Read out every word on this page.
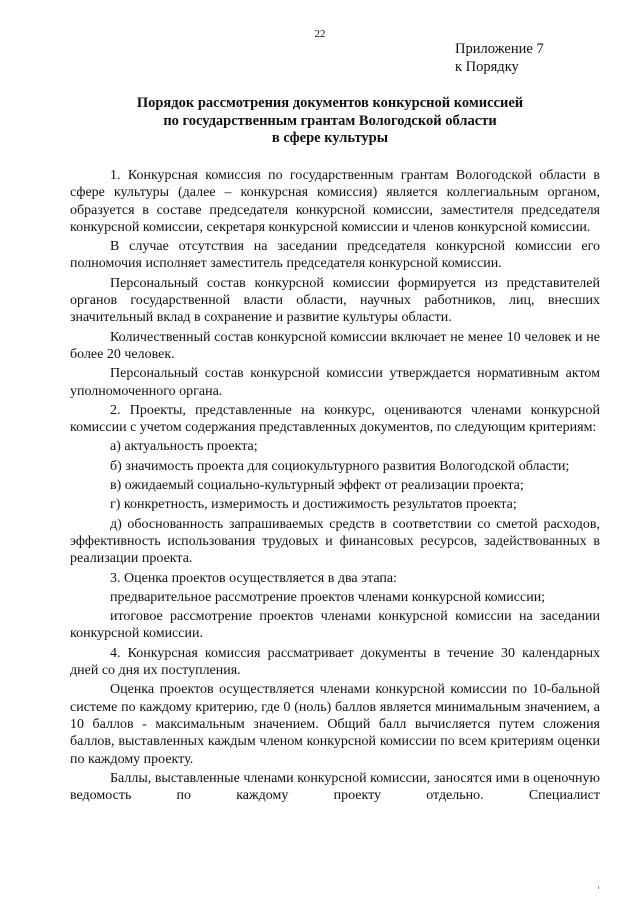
22
Приложение 7
к Порядку
Порядок рассмотрения документов конкурсной комиссией
по государственным грантам Вологодской области
в сфере культуры

1. Конкурсная комиссия по государственным грантам Вологодской области в сфере культуры (далее – конкурсная комиссия) является коллегиальным органом, образуется в составе председателя конкурсной комиссии, заместителя председателя конкурсной комиссии, секретаря конкурсной комиссии и членов конкурсной комиссии.

В случае отсутствия на заседании председателя конкурсной комиссии его полномочия исполняет заместитель председателя конкурсной комиссии.

Персональный состав конкурсной комиссии формируется из представителей органов государственной власти области, научных работников, лиц, внесших значительный вклад в сохранение и развитие культуры области.

Количественный состав конкурсной комиссии включает не менее 10 человек и не более 20 человек.

Персональный состав конкурсной комиссии утверждается нормативным актом уполномоченного органа.

2. Проекты, представленные на конкурс, оцениваются членами конкурсной комиссии с учетом содержания представленных документов, по следующим критериям:

а) актуальность проекта;

б) значимость проекта для социокультурного развития Вологодской области;

в) ожидаемый социально-культурный эффект от реализации проекта;

г) конкретность, измеримость и достижимость результатов проекта;

д) обоснованность запрашиваемых средств в соответствии со сметой расходов, эффективность использования трудовых и финансовых ресурсов, задействованных в реализации проекта.

3. Оценка проектов осуществляется в два этапа:

предварительное рассмотрение проектов членами конкурсной комиссии;

итоговое рассмотрение проектов членами конкурсной комиссии на заседании конкурсной комиссии.

4. Конкурсная комиссия рассматривает документы в течение 30 календарных дней со дня их поступления.

Оценка проектов осуществляется членами конкурсной комиссии по 10-бальной системе по каждому критерию, где 0 (ноль) баллов является минимальным значением, а 10 баллов - максимальным значением. Общий балл вычисляется путем сложения баллов, выставленных каждым членом конкурсной комиссии по всем критериям оценки по каждому проекту.

Баллы, выставленные членами конкурсной комиссии, заносятся ими в оценочную ведомость по каждому проекту отдельно. Специалист
